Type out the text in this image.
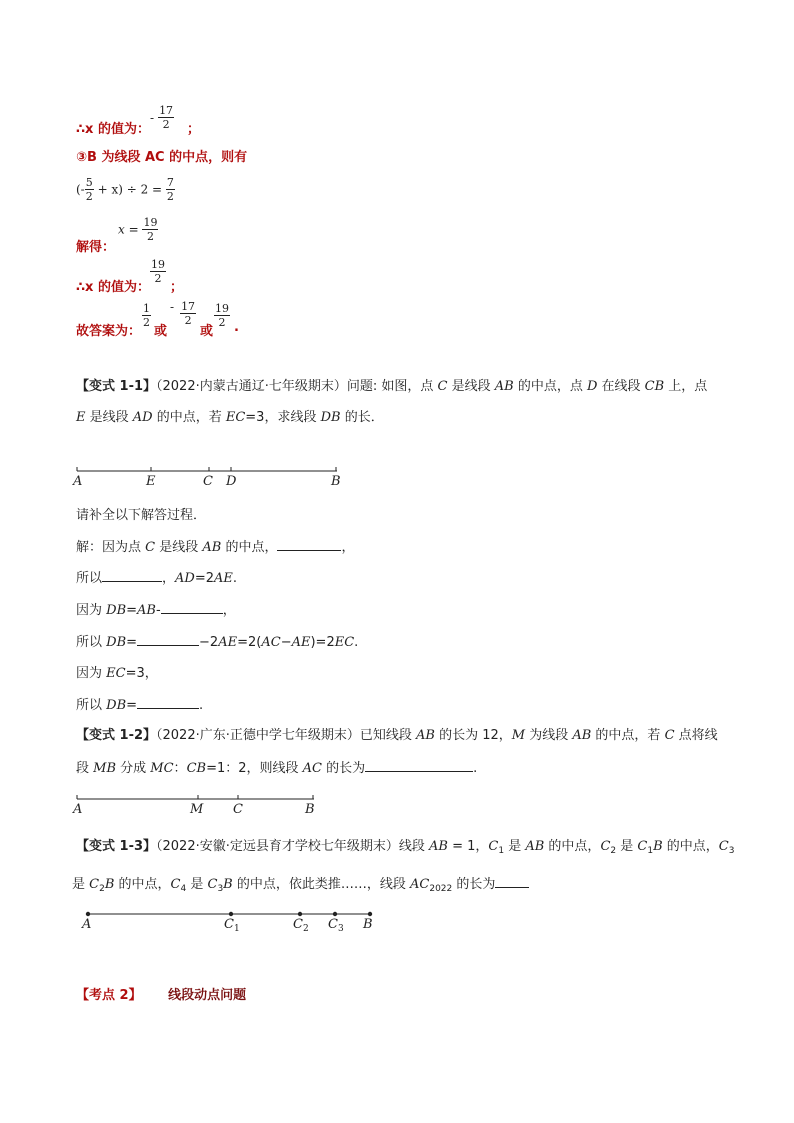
∴x 的值为：
- $\frac{17}{2}$ ；
③B 为线段 AC 的中点，则有
(- $\frac{5}{2} + x) \div 2 = \frac{7}{2}$
解得：
$x = \frac{19}{2}$
∴x 的值为：
$\frac{19}{2}$
；
故答案为：
$\frac{1}{2}$
或
- $\frac{17}{2}$
或
$\frac{19}{2}$ .
【变式 1-1】（2022·内蒙古通辽·七年级期末）问题: 如图，点 C 是线段 AB 的中点，点 D 在线段 CB 上，点
E 是线段 AD 的中点，若 EC=3，求线段 DB 的长．
A	E	C D	B
请补全以下解答过程．
解：因为点 C 是线段 AB 的中点，	，
所以	，AD=2AE.
因为 DB=AB-	，
所以 DB=	−2AE=2(AC−AE)=2EC.
因为 EC=3，
所以 DB=	.
【变式 1-2】（2022·广东·正德中学七年级期末）已知线段 AB 的长为 12，M 为线段 AB 的中点，若 C 点将线
段 MB 分成 MC：CB=1：2，则线段 AC 的长为	.
A	M C	B
【变式 1-3】（2022·安徽·定远县育才学校七年级期末）线段 AB = 1，$C_1$ 是 AB 的中点，$C_2$ 是 $C_1B$ 的中点，$C_3$
是 $C_2B$ 的中点，$C_4$ 是 $C_3B$ 的中点，依此类推……，线段 $AC_{2022}$ 的长为
A	$C_1$	$C_2$ $C_3$ B
【考点 2】 线段动点问题
